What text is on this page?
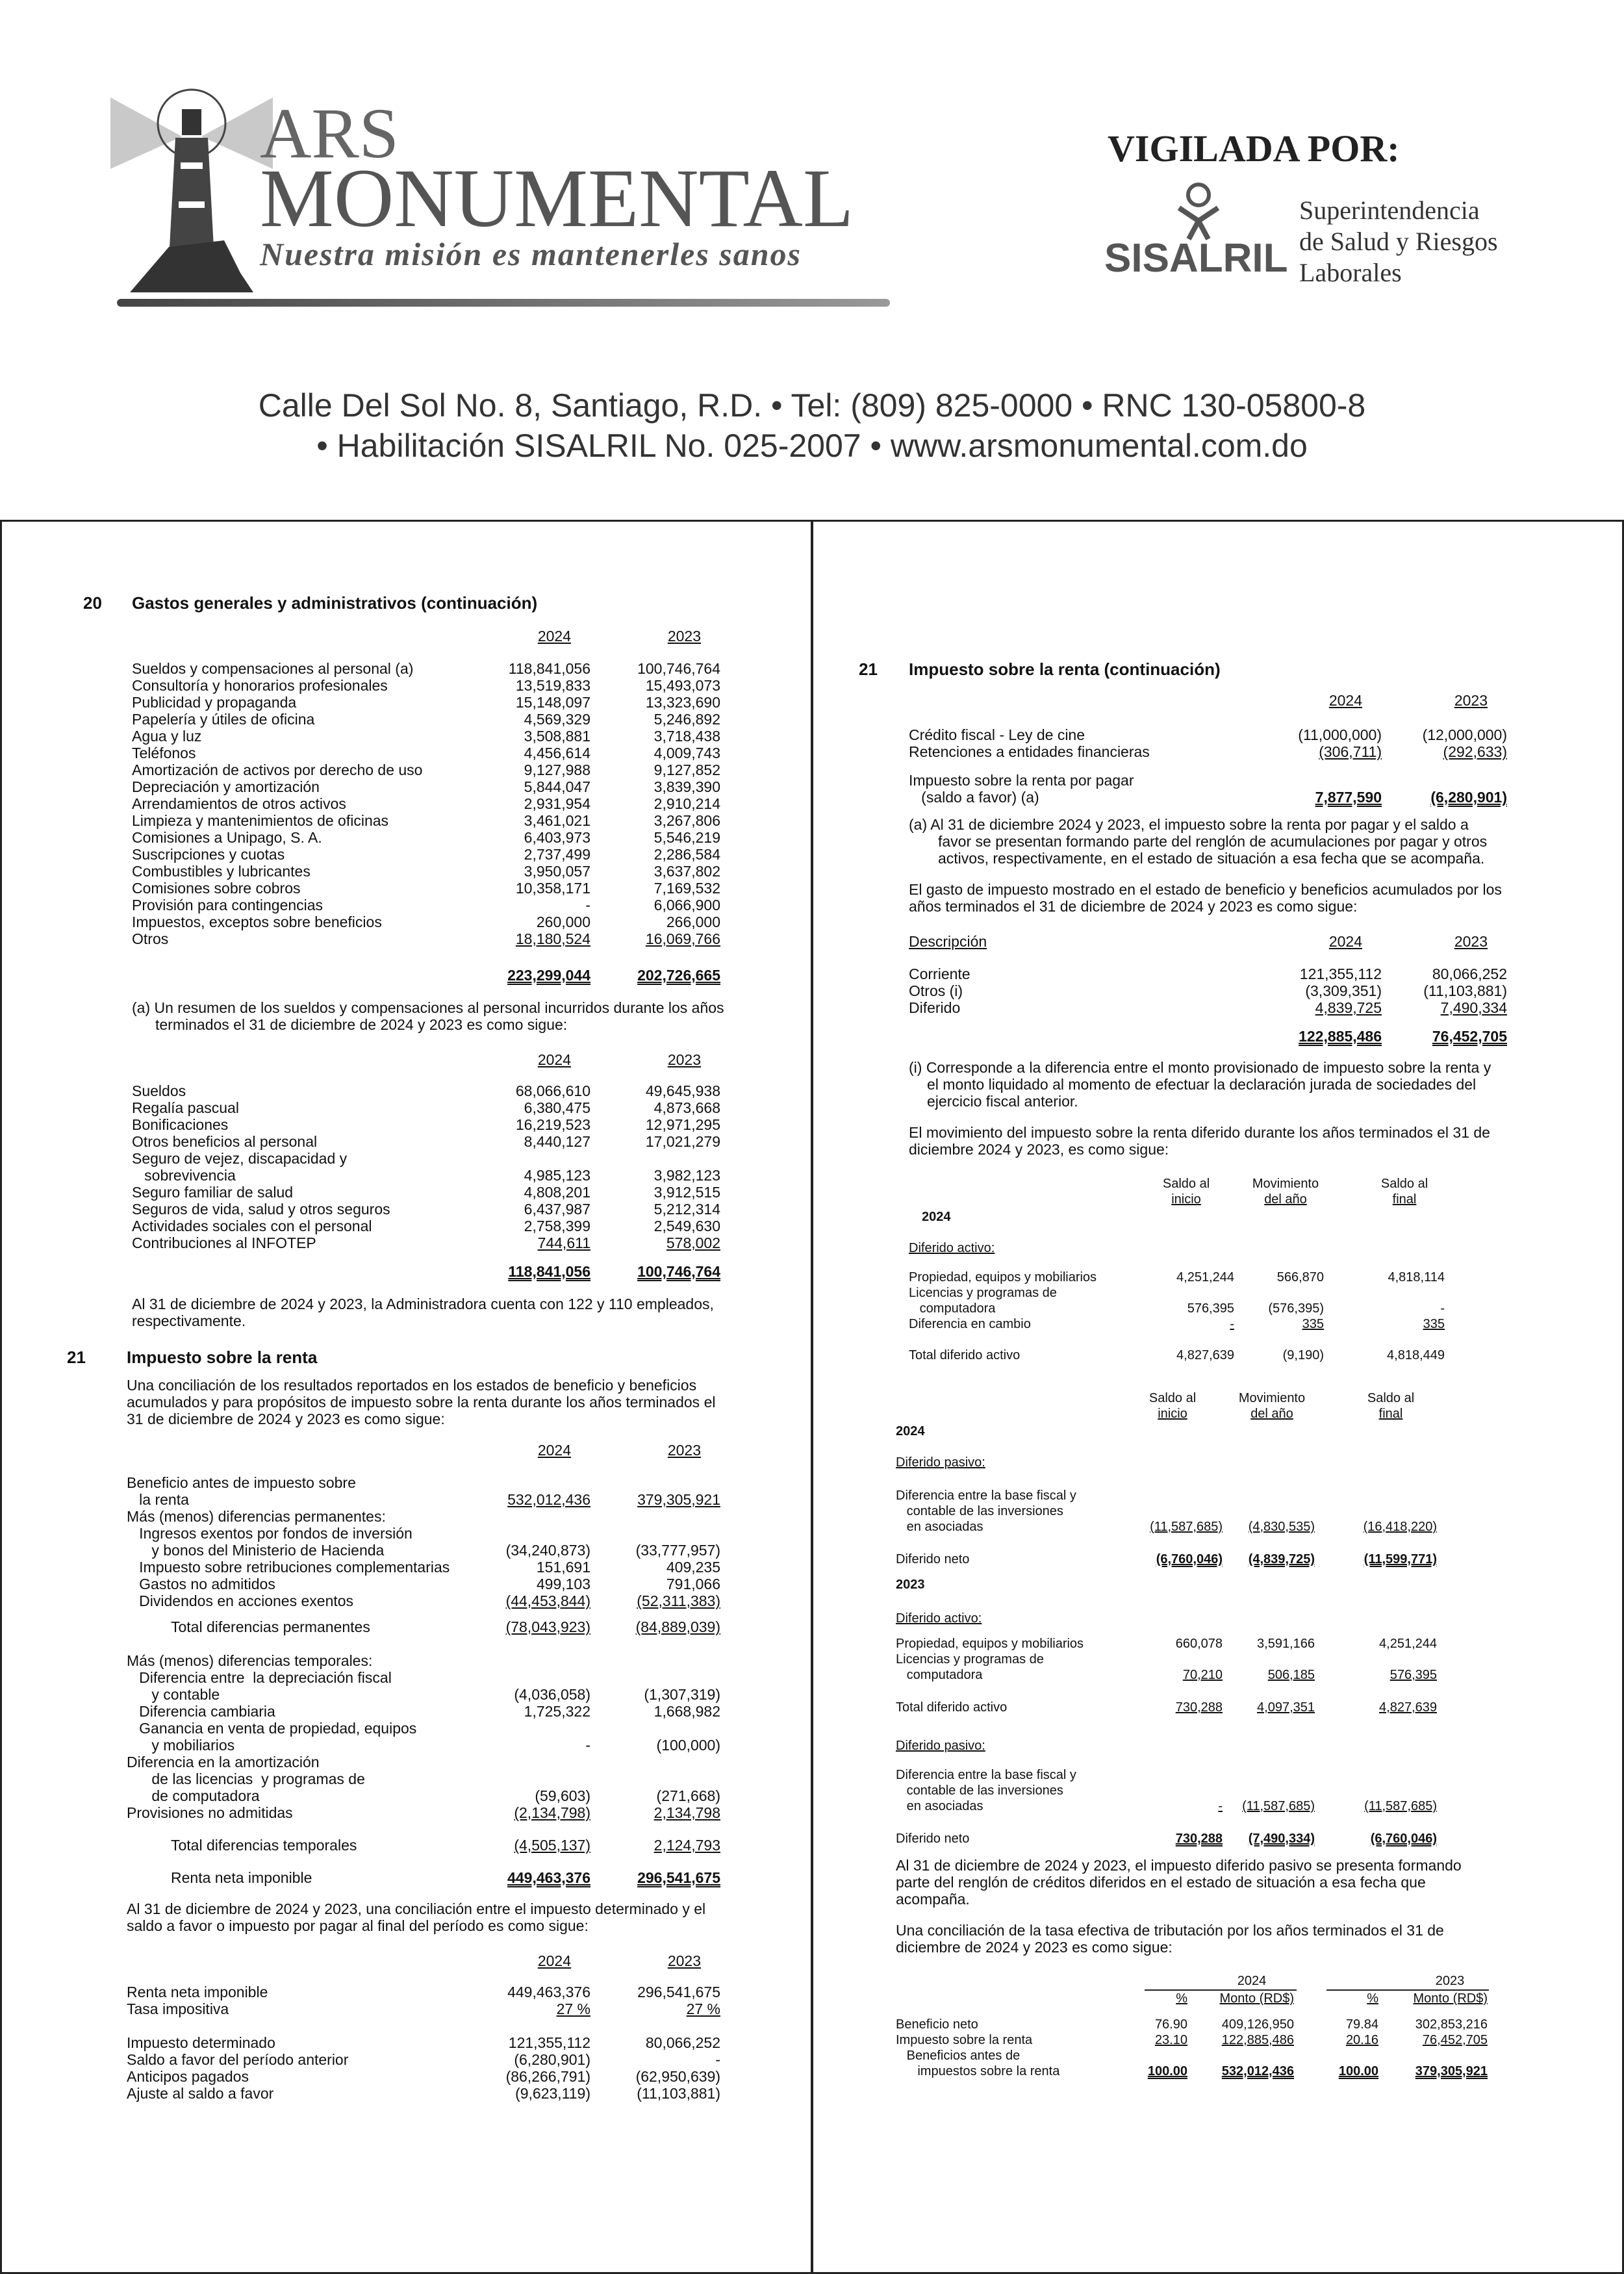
ARS
MONUMENTAL
Nuestra misión es mantenerles sanos
VIGILADA POR:
SISALRIL
Superintendencia
de Salud y Riesgos
Laborales
Calle Del Sol No. 8, Santiago, R.D. • Tel: (809) 825-0000 • RNC 130-05800-8
• Habilitación SISALRIL No. 025-2007 • www.arsmonumental.com.do
20 Gastos generales y administrativos (continuación)
2024	2023
Sueldos y compensaciones al personal (a)	118,841,056	100,746,764
Consultoría y honorarios profesionales	13,519,833	15,493,073
Publicidad y propaganda	15,148,097	13,323,690
Papelería y útiles de oficina	4,569,329	5,246,892
Agua y luz	3,508,881	3,718,438
Teléfonos	4,456,614	4,009,743
Amortización de activos por derecho de uso	9,127,988	9,127,852
Depreciación y amortización	5,844,047	3,839,390
Arrendamientos de otros activos	2,931,954	2,910,214
Limpieza y mantenimientos de oficinas	3,461,021	3,267,806
Comisiones a Unipago, S. A.	6,403,973	5,546,219
Suscripciones y cuotas	2,737,499	2,286,584
Combustibles y lubricantes	3,950,057	3,637,802
Comisiones sobre cobros	10,358,171	7,169,532
Provisión para contingencias	-	6,066,900
Impuestos, exceptos sobre beneficios	260,000	266,000
Otros	18,180,524	16,069,766
223,299,044	202,726,665
(a) Un resumen de los sueldos y compensaciones al personal incurridos durante los años
terminados el 31 de diciembre de 2024 y 2023 es como sigue:
2024	2023
Sueldos	68,066,610	49,645,938
Regalía pascual	6,380,475	4,873,668
Bonificaciones	16,219,523	12,971,295
Otros beneficios al personal	8,440,127	17,021,279
Seguro de vejez, discapacidad y
sobrevivencia	4,985,123	3,982,123
Seguro familiar de salud	4,808,201	3,912,515
Seguros de vida, salud y otros seguros	6,437,987	5,212,314
Actividades sociales con el personal	2,758,399	2,549,630
Contribuciones al INFOTEP	744,611	578,002
118,841,056	100,746,764
Al 31 de diciembre de 2024 y 2023, la Administradora cuenta con 122 y 110 empleados,
respectivamente.
21 Impuesto sobre la renta
Una conciliación de los resultados reportados en los estados de beneficio y beneficios
acumulados y para propósitos de impuesto sobre la renta durante los años terminados el
31 de diciembre de 2024 y 2023 es como sigue:
2024	2023
Beneficio antes de impuesto sobre
la renta	532,012,436	379,305,921
Más (menos) diferencias permanentes:
Ingresos exentos por fondos de inversión
y bonos del Ministerio de Hacienda	(34,240,873)	(33,777,957)
Impuesto sobre retribuciones complementarias	151,691	409,235
Gastos no admitidos	499,103	791,066
Dividendos en acciones exentos	(44,453,844)	(52,311,383)
Total diferencias permanentes	(78,043,923)	(84,889,039)
Más (menos) diferencias temporales:
Diferencia entre  la depreciación fiscal
y contable	(4,036,058)	(1,307,319)
Diferencia cambiaria	1,725,322	1,668,982
Ganancia en venta de propiedad, equipos
y mobiliarios	-	(100,000)
Diferencia en la amortización
de las licencias  y programas de
de computadora	(59,603)	(271,668)
Provisiones no admitidas	(2,134,798)	2,134,798
Total diferencias temporales	(4,505,137)	2,124,793
Renta neta imponible	449,463,376	296,541,675
Al 31 de diciembre de 2024 y 2023, una conciliación entre el impuesto determinado y el
saldo a favor o impuesto por pagar al final del período es como sigue:
2024	2023
Renta neta imponible	449,463,376	296,541,675
Tasa impositiva	27 %	27 %
Impuesto determinado	121,355,112	80,066,252
Saldo a favor del período anterior	(6,280,901)	-
Anticipos pagados	(86,266,791)	(62,950,639)
Ajuste al saldo a favor	(9,623,119)	(11,103,881)
21 Impuesto sobre la renta (continuación)
2024	2023
Crédito fiscal - Ley de cine	(11,000,000)	(12,000,000)
Retenciones a entidades financieras	(306,711)	(292,633)
Impuesto sobre la renta por pagar
(saldo a favor) (a)	7,877,590	(6,280,901)
(a) Al 31 de diciembre 2024 y 2023, el impuesto sobre la renta por pagar y el saldo a
favor se presentan formando parte del renglón de acumulaciones por pagar y otros
activos, respectivamente, en el estado de situación a esa fecha que se acompaña.
El gasto de impuesto mostrado en el estado de beneficio y beneficios acumulados por los
años terminados el 31 de diciembre de 2024 y 2023 es como sigue:
Descripción	2024	2023
Corriente	121,355,112	80,066,252
Otros (i)	(3,309,351)	(11,103,881)
Diferido	4,839,725	7,490,334
122,885,486	76,452,705
(i) Corresponde a la diferencia entre el monto provisionado de impuesto sobre la renta y
el monto liquidado al momento de efectuar la declaración jurada de sociedades del
ejercicio fiscal anterior.
El movimiento del impuesto sobre la renta diferido durante los años terminados el 31 de
diciembre 2024 y 2023, es como sigue:
Saldo al
inicio
Movimiento
del año
Saldo al
final
2024
Diferido activo:
Propiedad, equipos y mobiliarios	4,251,244	566,870	4,818,114
Licencias y programas de
computadora	576,395	(576,395)	-
Diferencia en cambio	-	335	335
Total diferido activo	4,827,639	(9,190)	4,818,449
Saldo al
inicio
Movimiento
del año
Saldo al
final
2024
Diferido pasivo:
Diferencia entre la base fiscal y
contable de las inversiones
en asociadas	(11,587,685) (4,830,535)	(16,418,220)
Diferido neto	(6,760,046) (4,839,725)	(11,599,771)
2023
Diferido activo:
Propiedad, equipos y mobiliarios	660,078	3,591,166	4,251,244
Licencias y programas de
computadora	70,210	506,185	576,395
Total diferido activo	730,288	4,097,351	4,827,639
Diferido pasivo:
Diferencia entre la base fiscal y
contable de las inversiones
en asociadas	- (11,587,685)	(11,587,685)
Diferido neto	730,288 (7,490,334)	(6,760,046)
Al 31 de diciembre de 2024 y 2023, el impuesto diferido pasivo se presenta formando
parte del renglón de créditos diferidos en el estado de situación a esa fecha que
acompaña.
Una conciliación de la tasa efectiva de tributación por los años terminados el 31 de
diciembre de 2024 y 2023 es como sigue:
2024	2023
% Monto (RD$)	%	Monto (RD$)
Beneficio neto	76.90	409,126,950	79.84	302,853,216
Impuesto sobre la renta	23.10	122,885,486	20.16	76,452,705
Beneficios antes de
impuestos sobre la renta	100.00	532,012,436	100.00	379,305,921
